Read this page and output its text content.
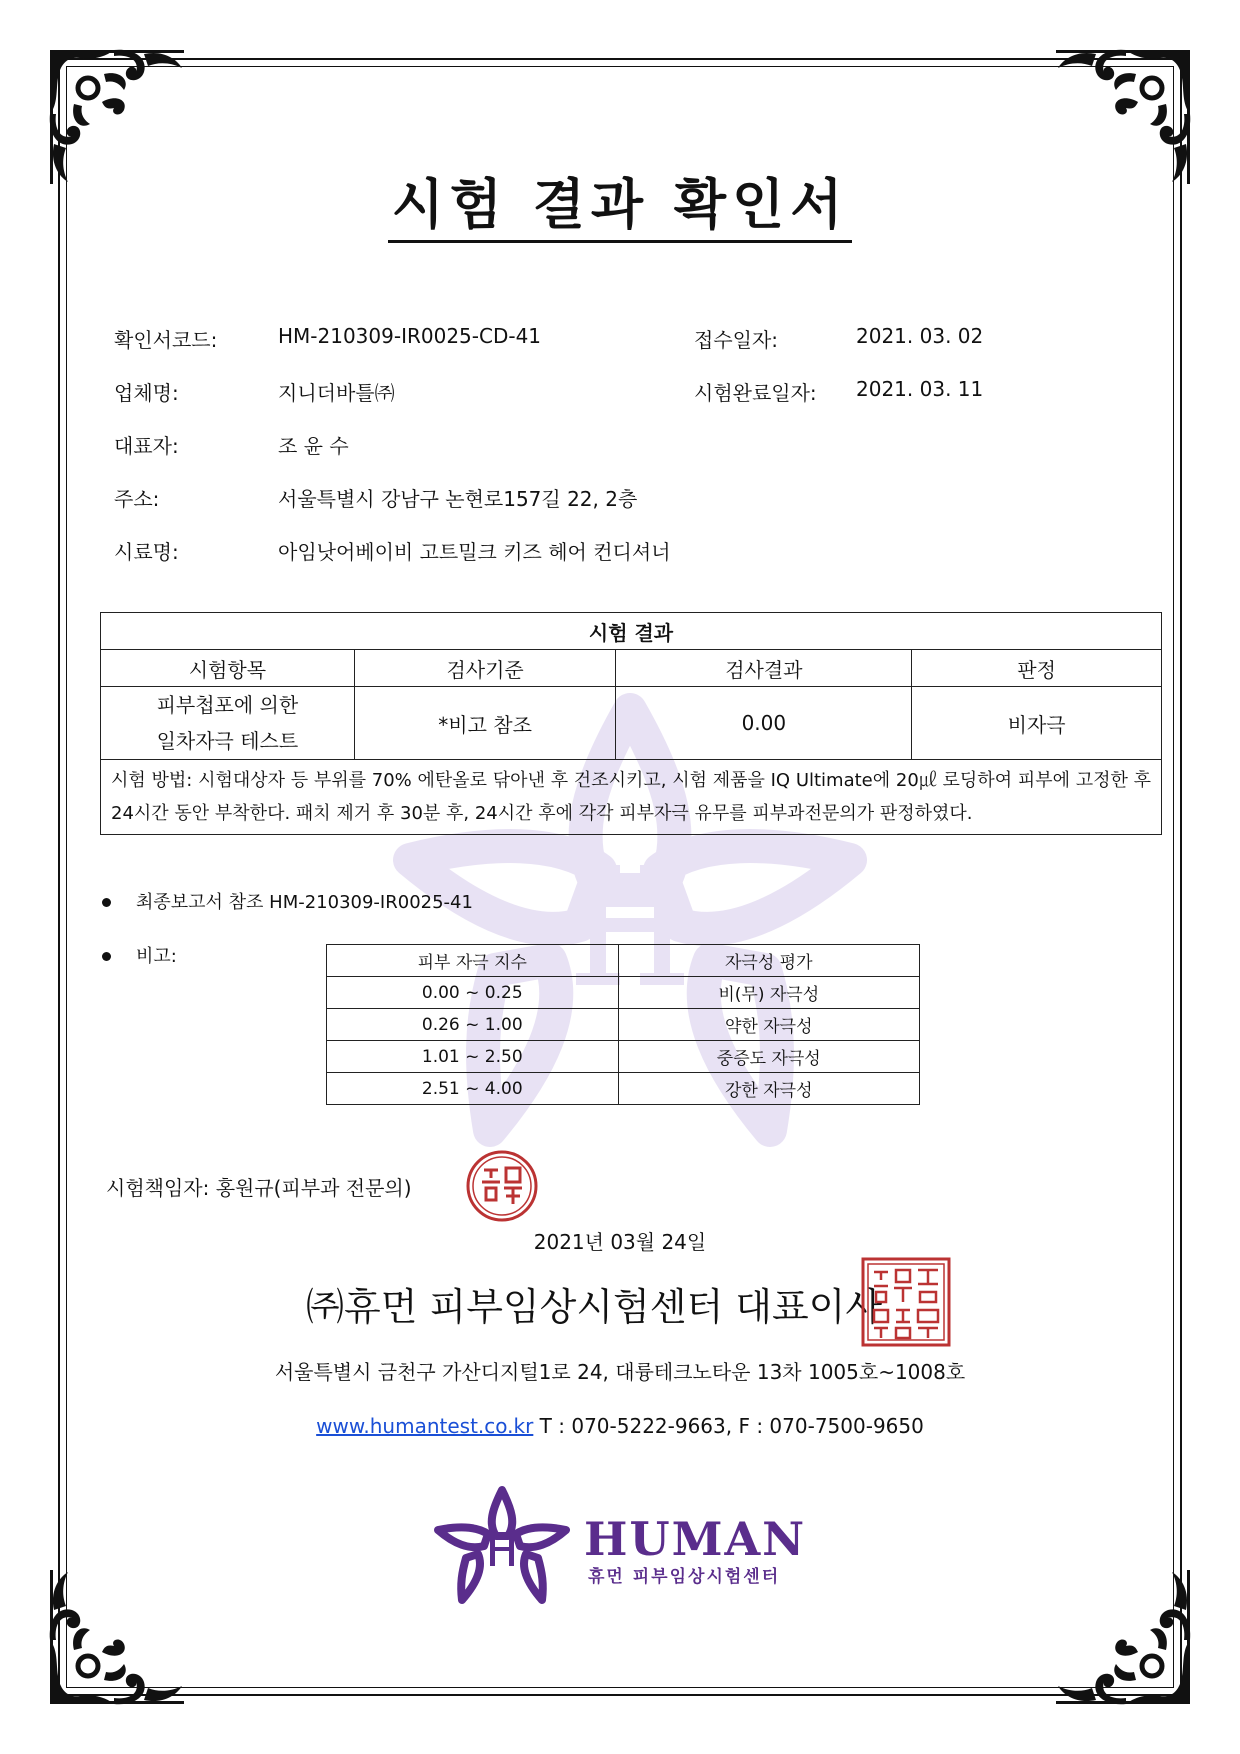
시험 결과 확인서
확인서코드:	HM-210309-IR0025-CD-41	접수일자:	2021. 03. 02
업체명:	지니더바틀㈜	시험완료일자: 2021. 03. 11
대표자:	조 윤 수
주소:	서울특별시 강남구 논현로157길 22, 2층
시료명:	아임낫어베이비 고트밀크 키즈 헤어 컨디셔너
시험 결과			
시험항목	검사기준	검사결과	판정

피부첩포에 의한
일차자극 테스트	*비고 참조	0.00	비자극
시험 방법: 시험대상자 등 부위를 70% 에탄올로 닦아낸 후 건조시키고, 시험 제품을 IQ Ultimate에 20㎕ 로딩하여 피부에 고정한 후 24시간 동안 부착한다. 패치 제거 후 30분 후, 24시간 후에 각각 피부자극 유무를 피부과전문의가 판정하였다.			
최종보고서 참조 HM-210309-IR0025-41
비고:	피부 자극 지수	자극성 평가
0.00 ~ 0.25	비(무) 자극성
0.26 ~ 1.00	약한 자극성
1.01 ~ 2.50	중증도 자극성
2.51 ~ 4.00	강한 자극성
시험책임자: 홍원규(피부과 전문의)
2021년 03월 24일
㈜휴먼 피부임상시험센터 대표이사
서울특별시 금천구 가산디지털1로 24, 대륭테크노타운 13차 1005호~1008호
www.humantest.co.kr T : 070-5222-9663, F : 070-7500-9650
HUMAN
휴먼 피부임상시험센터
